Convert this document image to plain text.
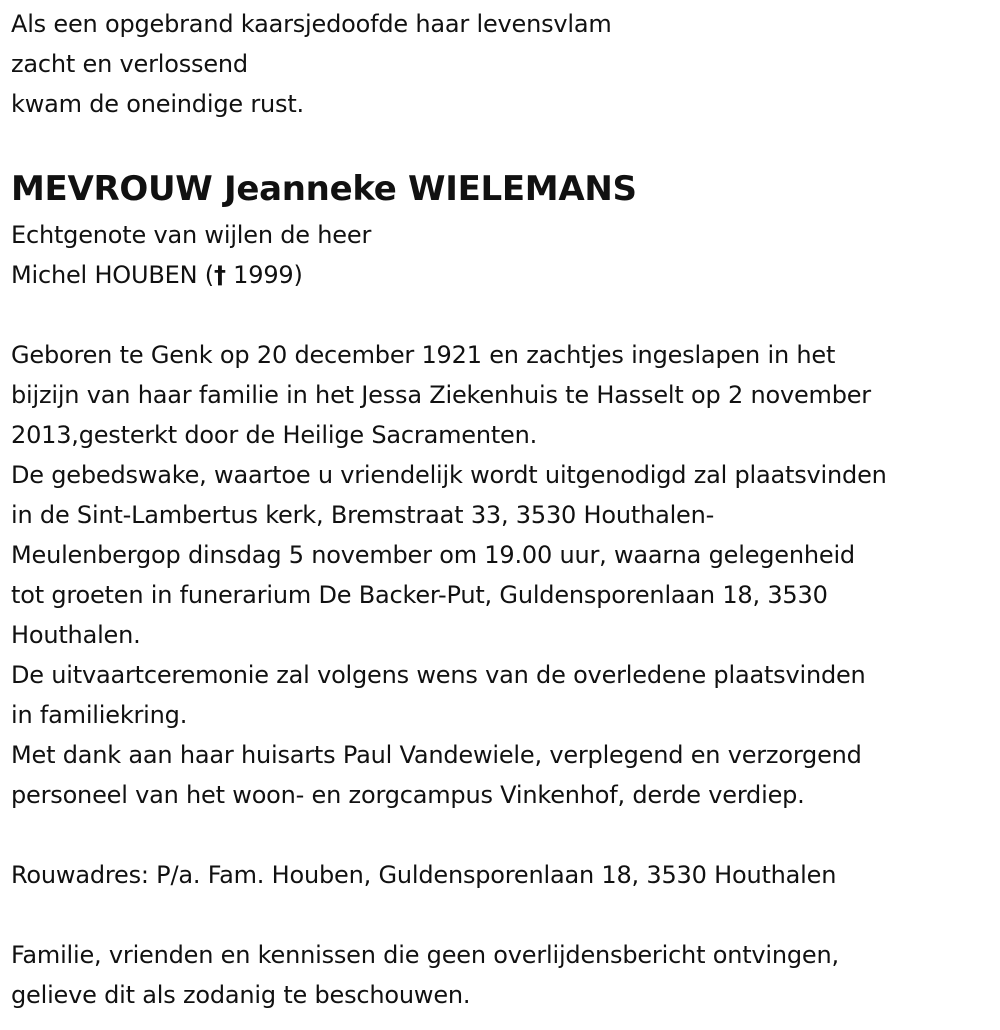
Als een opgebrand kaarsjedoofde haar levensvlam
zacht en verlossend
kwam de oneindige rust.
MEVROUW Jeanneke WIELEMANS
Echtgenote van wijlen de heer
Michel HOUBEN († 1999)
Geboren te Genk op 20 december 1921 en zachtjes ingeslapen in het
bijzijn van haar familie in het Jessa Ziekenhuis te Hasselt op 2 november
2013,gesterkt door de Heilige Sacramenten.
De gebedswake, waartoe u vriendelijk wordt uitgenodigd zal plaatsvinden
in de Sint-Lambertus kerk, Bremstraat 33, 3530 Houthalen-
Meulenbergop dinsdag 5 november om 19.00 uur, waarna gelegenheid
tot groeten in funerarium De Backer-Put, Guldensporenlaan 18, 3530
Houthalen.
De uitvaartceremonie zal volgens wens van de overledene plaatsvinden
in familiekring.
Met dank aan haar huisarts Paul Vandewiele, verplegend en verzorgend
personeel van het woon- en zorgcampus Vinkenhof, derde verdiep.
Rouwadres: P/a. Fam. Houben, Guldensporenlaan 18, 3530 Houthalen
Familie, vrienden en kennissen die geen overlijdensbericht ontvingen,
gelieve dit als zodanig te beschouwen.
